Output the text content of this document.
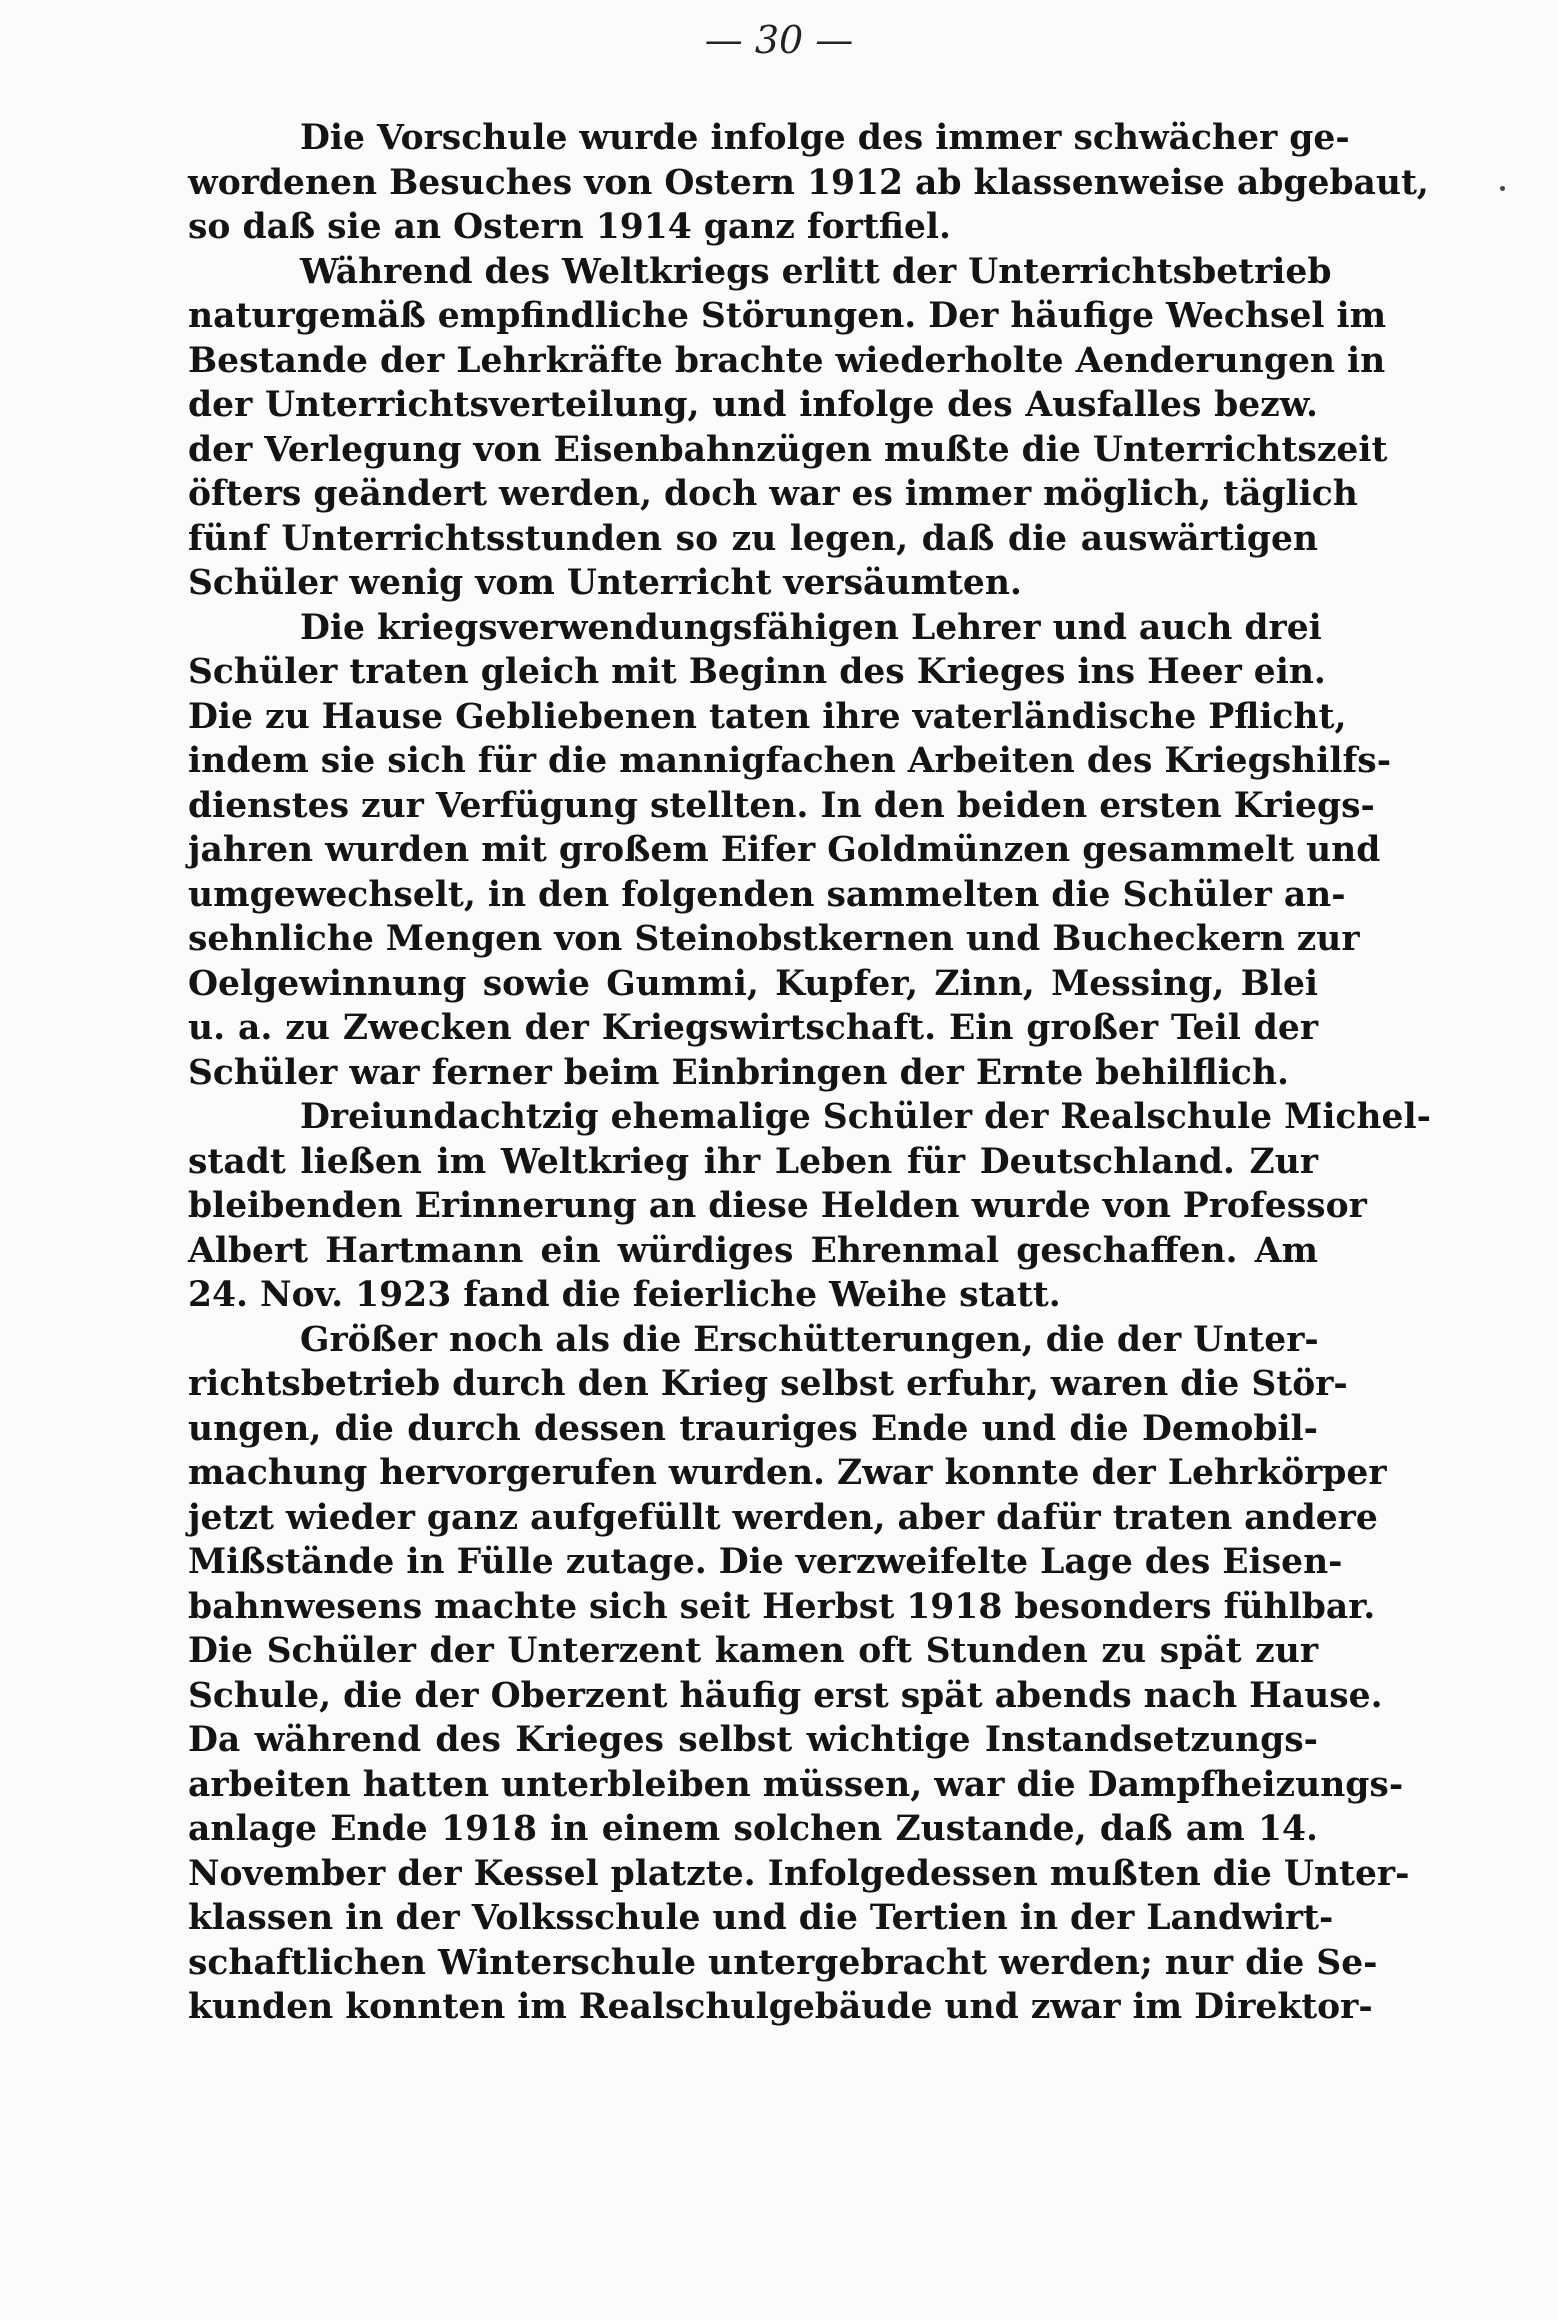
— 30 —
Die Vorschule wurde infolge des immer schwächer ge-
wordenen Besuches von Ostern 1912 ab klassenweise abgebaut,
so daß sie an Ostern 1914 ganz fortfiel.
Während des Weltkriegs erlitt der Unterrichtsbetrieb
naturgemäß empfindliche Störungen. Der häufige Wechsel im
Bestande der Lehrkräfte brachte wiederholte Aenderungen in
der Unterrichtsverteilung, und infolge des Ausfalles bezw.
der Verlegung von Eisenbahnzügen mußte die Unterrichtszeit
öfters geändert werden, doch war es immer möglich, täglich
fünf Unterrichtsstunden so zu legen, daß die auswärtigen
Schüler wenig vom Unterricht versäumten.
Die kriegsverwendungsfähigen Lehrer und auch drei
Schüler traten gleich mit Beginn des Krieges ins Heer ein.
Die zu Hause Gebliebenen taten ihre vaterländische Pflicht,
indem sie sich für die mannigfachen Arbeiten des Kriegshilfs-
dienstes zur Verfügung stellten. In den beiden ersten Kriegs-
jahren wurden mit großem Eifer Goldmünzen gesammelt und
umgewechselt, in den folgenden sammelten die Schüler an-
sehnliche Mengen von Steinobstkernen und Bucheckern zur
Oelgewinnung sowie Gummi, Kupfer, Zinn, Messing, Blei
u. a. zu Zwecken der Kriegswirtschaft. Ein großer Teil der
Schüler war ferner beim Einbringen der Ernte behilflich.
Dreiundachtzig ehemalige Schüler der Realschule Michel-
stadt ließen im Weltkrieg ihr Leben für Deutschland. Zur
bleibenden Erinnerung an diese Helden wurde von Professor
Albert Hartmann ein würdiges Ehrenmal geschaffen. Am
24. Nov. 1923 fand die feierliche Weihe statt.
Größer noch als die Erschütterungen, die der Unter-
richtsbetrieb durch den Krieg selbst erfuhr, waren die Stör-
ungen, die durch dessen trauriges Ende und die Demobil-
machung hervorgerufen wurden. Zwar konnte der Lehrkörper
jetzt wieder ganz aufgefüllt werden, aber dafür traten andere
Mißstände in Fülle zutage. Die verzweifelte Lage des Eisen-
bahnwesens machte sich seit Herbst 1918 besonders fühlbar.
Die Schüler der Unterzent kamen oft Stunden zu spät zur
Schule, die der Oberzent häufig erst spät abends nach Hause.
Da während des Krieges selbst wichtige Instandsetzungs-
arbeiten hatten unterbleiben müssen, war die Dampfheizungs-
anlage Ende 1918 in einem solchen Zustande, daß am 14.
November der Kessel platzte. Infolgedessen mußten die Unter-
klassen in der Volksschule und die Tertien in der Landwirt-
schaftlichen Winterschule untergebracht werden; nur die Se-
kunden konnten im Realschulgebäude und zwar im Direktor-
